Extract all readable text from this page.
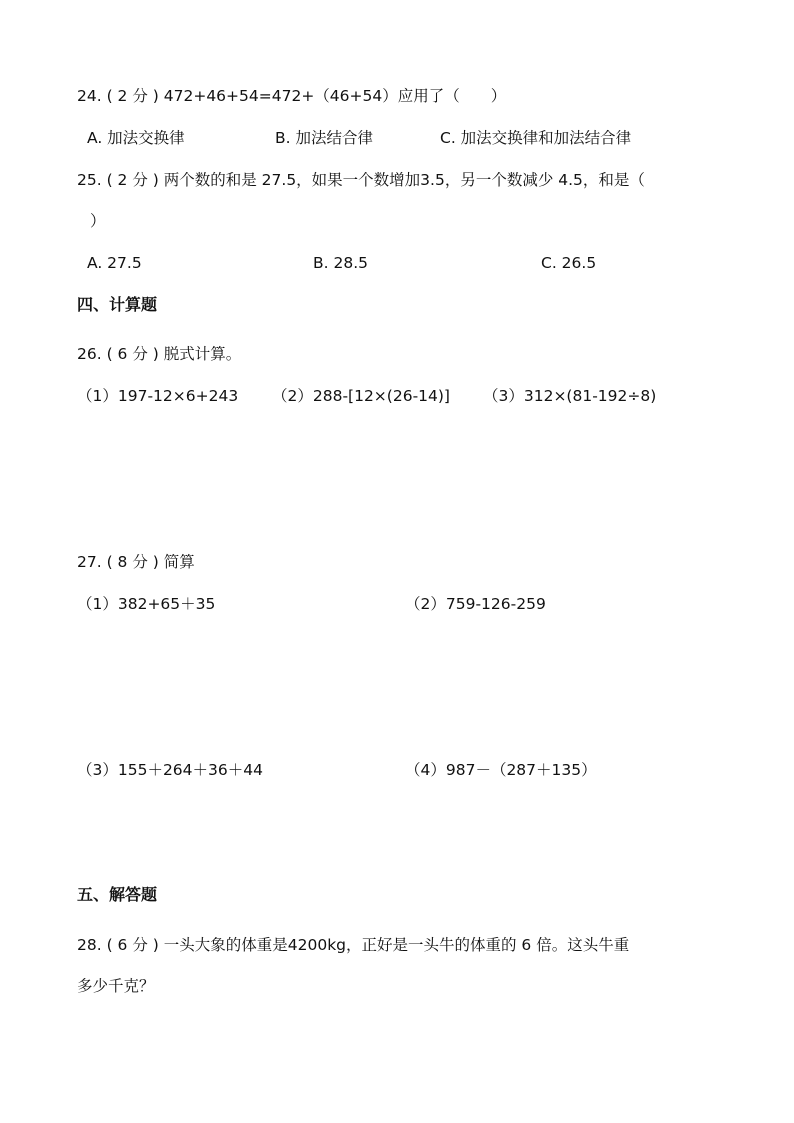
24. ( 2 分 ) 472+46+54=472+（46+54）应用了（　　）
A. 加法交换律	B. 加法结合律	C. 加法交换律和加法结合律
25. ( 2 分 ) 两个数的和是 27.5，如果一个数增加3.5，另一个数减少 4.5，和是（
）
A. 27.5	B. 28.5	C. 26.5
四、计算题
26. ( 6 分 ) 脱式计算。
（1）197-12×6+243 （2）288-[12×(26-14)] （3）312×(81-192÷8)
27. ( 8 分 ) 简算
（1）382+65＋35	（2）759-126-259
（3）155＋264＋36＋44	（4）987－（287＋135）
五、解答题
28. ( 6 分 ) 一头大象的体重是4200kg，正好是一头牛的体重的 6 倍。这头牛重
多少千克？
